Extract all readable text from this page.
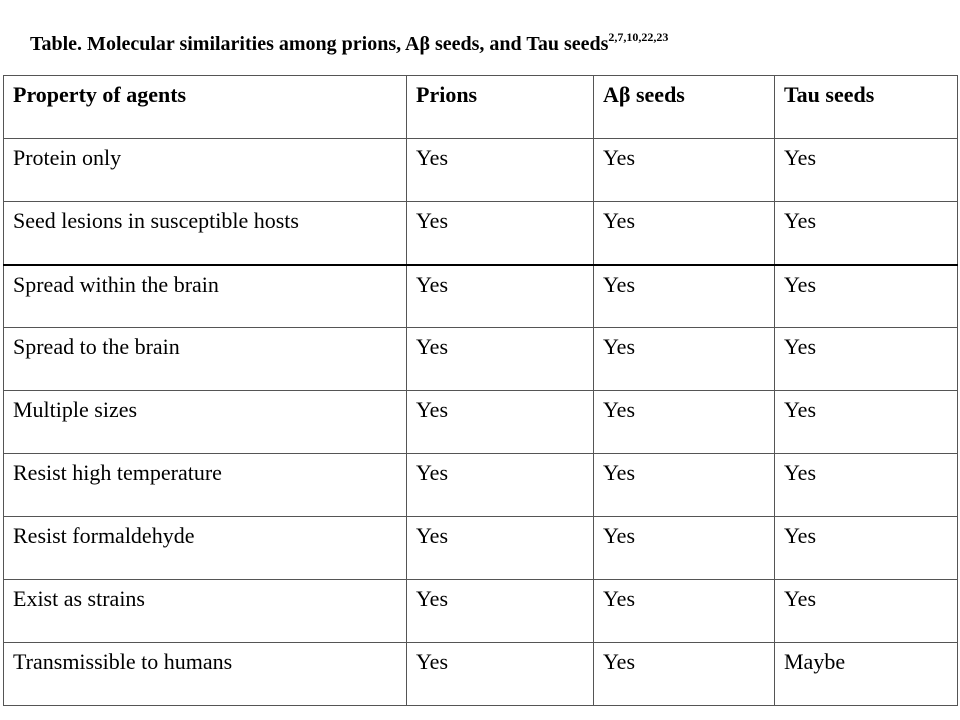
Table. Molecular similarities among prions, Aβ seeds, and Tau seeds$^{2,7,10,22,23}$
Property of agents	Prions	Aβ seeds	Tau seeds
Protein only	Yes	Yes	Yes
Seed lesions in susceptible hosts	Yes	Yes	Yes
Spread within the brain	Yes	Yes	Yes
Spread to the brain	Yes	Yes	Yes
Multiple sizes	Yes	Yes	Yes
Resist high temperature	Yes	Yes	Yes
Resist formaldehyde	Yes	Yes	Yes
Exist as strains	Yes	Yes	Yes
Transmissible to humans	Yes	Yes	Maybe
